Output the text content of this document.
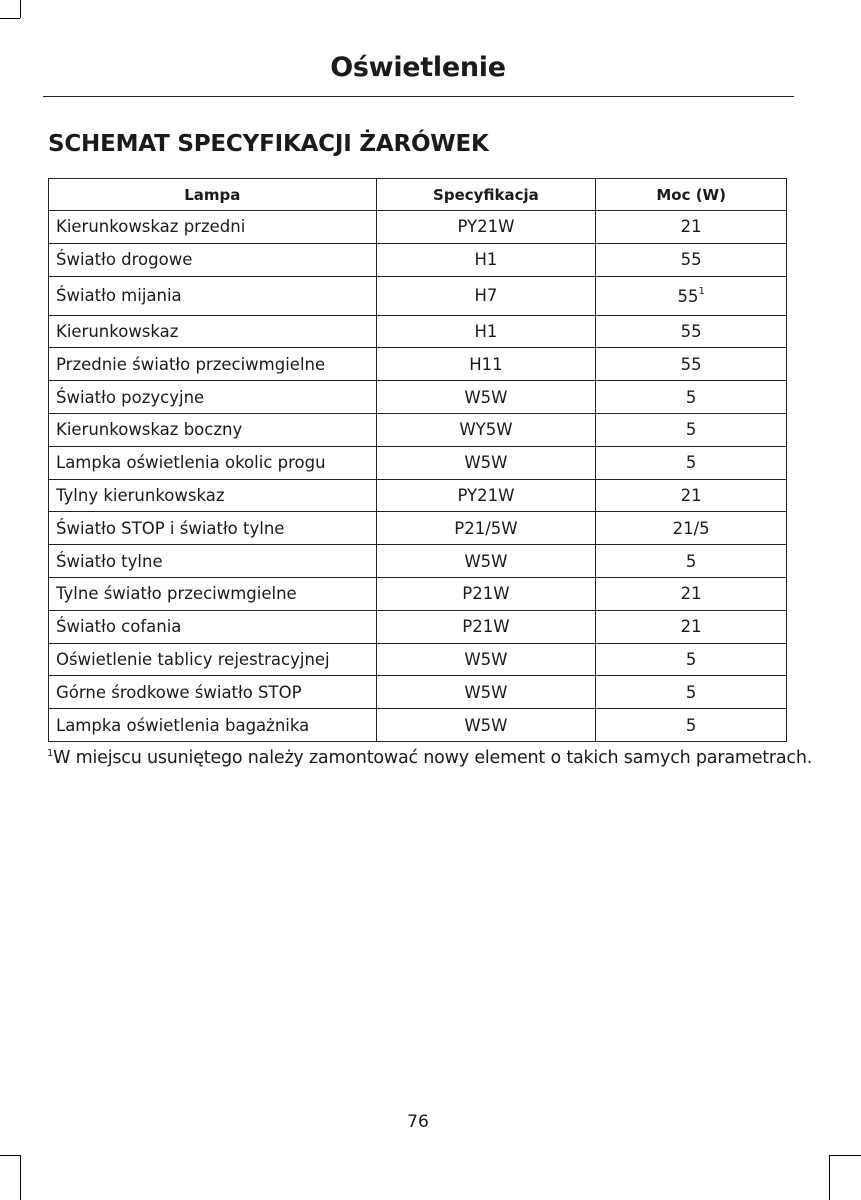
Oświetlenie
SCHEMAT SPECYFIKACJI ŻARÓWEK
Lampa	Specyfikacja	Moc (W)
Kierunkowskaz przedni	PY21W	21
Światło drogowe	H1	55
Światło mijania	H7	$55^1$
Kierunkowskaz	H1	55
Przednie światło przeciwmgielne	H11	55
Światło pozycyjne	W5W	5
Kierunkowskaz boczny	WY5W	5
Lampka oświetlenia okolic progu	W5W	5
Tylny kierunkowskaz	PY21W	21
Światło STOP i światło tylne	P21/5W	21/5
Światło tylne	W5W	5
Tylne światło przeciwmgielne	P21W	21
Światło cofania	P21W	21
Oświetlenie tablicy rejestracyjnej	W5W	5
Górne środkowe światło STOP	W5W	5
Lampka oświetlenia bagażnika	W5W	5
$^1$W miejscu usuniętego należy zamontować nowy element o takich samych parametrach.
76
